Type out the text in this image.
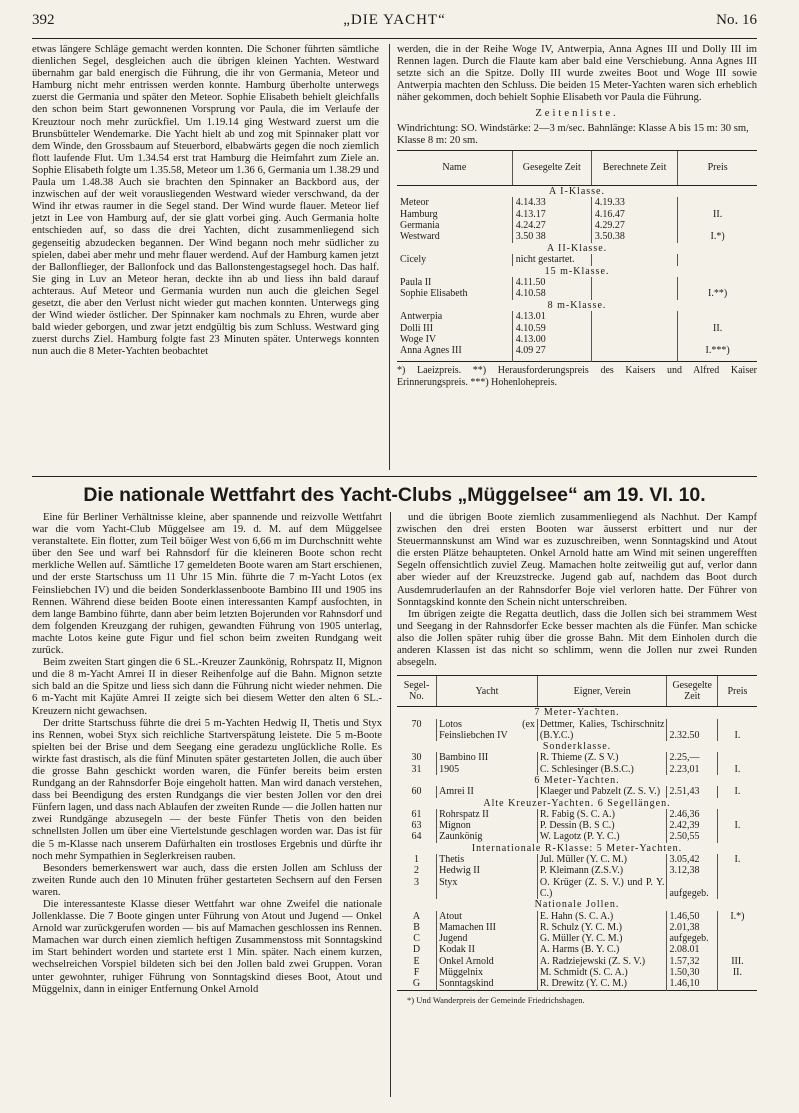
392	„DIE YACHT“	No. 16

etwas längere Schläge gemacht werden konnten. Die Schoner führten sämtliche dienlichen Segel, desgleichen auch die übrigen kleinen Yachten. Westward übernahm gar bald energisch die Führung, die ihr von Germania, Meteor und Hamburg nicht mehr entrissen werden konnte. Hamburg überholte unterwegs zuerst die Germania und später den Meteor. Sophie Elisabeth behielt gleichfalls den schon beim Start gewonnenen Vorsprung vor Paula, die im Verlaufe der Kreuztour noch mehr zurückfiel. Um 1.19.14 ging Westward zuerst um die Brunsbütteler Wendemarke. Die Yacht hielt ab und zog mit Spinnaker platt vor dem Winde, den Grossbaum auf Steuerbord, elbabwärts gegen die noch ziemlich flott laufende Flut. Um 1.34.54 erst trat Hamburg die Heimfahrt zum Ziele an. Sophie Elisabeth folgte um 1.35.58, Meteor um 1.36 6, Germania um 1.38.29 und Paula um 1.48.38 Auch sie brachten den Spinnaker an Backbord aus, der inzwischen auf der weit vorausliegenden Westward wieder verschwand, da der Wind ihr etwas raumer in die Segel stand. Der Wind wurde flauer. Meteor lief jetzt in Lee von Hamburg auf, der sie glatt vorbei ging. Auch Germania holte entschieden auf, so dass die drei Yachten, dicht zusammenliegend sich gegenseitig abzudecken begannen. Der Wind begann noch mehr südlicher zu spielen, dabei aber mehr und mehr flauer werdend. Auf der Hamburg kamen jetzt der Ballonflieger, der Ballonfock und das Ballonstengestagsegel hoch. Das half. Sie ging in Luv an Meteor heran, deckte ihn ab und liess ihn bald darauf achteraus. Auf Meteor und Germania wurden nun auch die gleichen Segel gesetzt, die aber den Verlust nicht wieder gut machen konnten. Unterwegs ging der Wind wieder östlicher. Der Spinnaker kam nochmals zu Ehren, wurde aber bald wieder geborgen, und zwar jetzt endgültig bis zum Schluss. Westward ging zuerst durchs Ziel. Hamburg folgte fast 23 Minuten später. Unterwegs konnten nun auch die 8 Meter-Yachten beobachtet

werden, die in der Reihe Woge IV, Antwerpia, Anna Agnes III und Dolly III im Rennen lagen. Durch die Flaute kam aber bald eine Verschiebung. Anna Agnes III setzte sich an die Spitze. Dolly III wurde zweites Boot und Woge III sowie Antwerpia machten den Schluss. Die beiden 15 Meter-Yachten waren sich erheblich näher gekommen, doch behielt Sophie Elisabeth vor Paula die Führung.

Zeitenliste.

Windrichtung: SO. Windstärke: 2—3 m/sec. Bahnlänge: Klasse A bis 15 m: 30 sm, Klasse 8 m: 20 sm.

Name	Gesegelte Zeit	Berechnete Zeit	Preis
A I-Klasse.			
Meteor	4.14.33	4.19.33	
Hamburg	4.13.17	4.16.47	II.
Germania	4.24.27	4.29.27	
Westward	3.50 38	3.50.38	I.*)
A II-Klasse.			
Cicely	nicht gestartet.		
15 m-Klasse.			
Paula II	4.11.50		
Sophie Elisabeth	4.10.58		I.**)
8 m-Klasse.			
Antwerpia	4.13.01		
Dolli III	4.10.59		II.
Woge IV	4.13.00		
Anna Agnes III	4.09 27		I.***)
*) Laeizpreis. **) Herausforderungspreis des Kaisers und Alfred Kaiser Erinnerungspreis. ***) Hohenlohepreis.
Die nationale Wettfahrt des Yacht-Clubs „Müggelsee“ am 19. VI. 10.

Eine für Berliner Verhältnisse kleine, aber spannende und reizvolle Wettfahrt war die vom Yacht-Club Müggelsee am 19. d. M. auf dem Müggelsee veranstaltete. Ein flotter, zum Teil böiger West von 6,66 m im Durchschnitt wehte über den See und warf bei Rahnsdorf für die kleineren Boote schon recht merkliche Wellen auf. Sämtliche 17 gemeldeten Boote waren am Start erschienen, und der erste Startschuss um 11 Uhr 15 Min. führte die 7 m-Yacht Lotos (ex Feinsliebchen IV) und die beiden Sonderklassenboote Bambino III und 1905 ins Rennen. Während diese beiden Boote einen interessanten Kampf ausfochten, in dem lange Bambino führte, dann aber beim letzten Bojerunden vor Rahnsdorf und dem folgenden Kreuzgang der ruhigen, gewandten Führung von 1905 unterlag, machte Lotos keine gute Figur und fiel schon beim zweiten Rundgang weit zurück.

Beim zweiten Start gingen die 6 SL.-Kreuzer Zaunkönig, Rohrspatz II, Mignon und die 8 m-Yacht Amrei II in dieser Reihenfolge auf die Bahn. Mignon setzte sich bald an die Spitze und liess sich dann die Führung nicht wieder nehmen. Die 6 m-Yacht mit Kajüte Amrei II zeigte sich bei diesem Wetter den alten 6 SL.-Kreuzern nicht gewachsen.

Der dritte Startschuss führte die drei 5 m-Yachten Hedwig II, Thetis und Styx ins Rennen, wobei Styx sich reichliche Startverspätung leistete. Die 5 m-Boote spielten bei der Brise und dem Seegang eine geradezu unglückliche Rolle. Es wirkte fast drastisch, als die fünf Minuten später gestarteten Jollen, die auch über die grosse Bahn geschickt worden waren, die Fünfer bereits beim ersten Rundgang an der Rahnsdorfer Boje eingeholt hatten. Man wird danach verstehen, dass bei Beendigung des ersten Rundgangs die vier besten Jollen vor den drei Fünfern lagen, und dass nach Ablaufen der zweiten Runde — die Jollen hatten nur zwei Rundgänge abzusegeln — der beste Fünfer Thetis von den beiden schnellsten Jollen um über eine Viertelstunde geschlagen worden war. Das ist für die 5 m-Klasse nach unserem Dafürhalten ein trostloses Ergebnis und dürfte ihr noch mehr Sympathien in Seglerkreisen rauben.

Besonders bemerkenswert war auch, dass die ersten Jollen am Schluss der zweiten Runde auch den 10 Minuten früher gestarteten Sechsern auf den Fersen waren.

Die interessanteste Klasse dieser Wettfahrt war ohne Zweifel die nationale Jollenklasse. Die 7 Boote gingen unter Führung von Atout und Jugend — Onkel Arnold war zurückgerufen worden — bis auf Mamachen geschlossen ins Rennen. Mamachen war durch einen ziemlich heftigen Zusammenstoss mit Sonntagskind im Start behindert worden und startete erst 1 Min. später. Nach einem kurzen, wechselreichen Vorspiel bildeten sich bei den Jollen bald zwei Gruppen. Voran unter gewohnter, ruhiger Führung von Sonntagskind dieses Boot, Atout und Müggelnix, dann in einiger Entfernung Onkel Arnold

und die übrigen Boote ziemlich zusammenliegend als Nachhut. Der Kampf zwischen den drei ersten Booten war äusserst erbittert und nur der Steuermannskunst am Wind war es zuzuschreiben, wenn Sonntagskind und Atout die ersten Plätze behaupteten. Onkel Arnold hatte am Wind mit seinen ungerefften Segeln offensichtlich zuviel Zeug. Mamachen holte zeitweilig gut auf, verlor dann aber wieder auf der Kreuzstrecke. Jugend gab auf, nachdem das Boot durch Ausdemruderlaufen an der Rahnsdorfer Boje viel verloren hatte. Der Führer von Sonntagskind konnte den Schein nicht unterschreiben.

Im übrigen zeigte die Regatta deutlich, dass die Jollen sich bei strammem West und Seegang in der Rahnsdorfer Ecke besser machten als die Fünfer. Man schicke also die Jollen später ruhig über die grosse Bahn. Mit dem Einholen durch die anderen Klassen ist das nicht so schlimm, wenn die Jollen nur zwei Runden absegeln.

Segel-No.	Yacht	Eigner, Verein	Gesegelte Zeit	Preis
7 Meter-Yachten.				
70	Lotos (ex Feinsliebchen IV	Dettmer, Kalies, Tschirschnitz (B.Y.C.)	2.32.50	I.
Sonderklasse.				
30	Bambino III	R. Thieme (Z. S V.)	2.25,—	
31	1905	C. Schlesinger (B.S.C.)	2.23,01	I.
6 Meter-Yachten.				
60	Amrei II	Klaeger und Pabzelt (Z. S. V.)	2.51,43	I.
Alte Kreuzer-Yachten. 6 Segellängen.				
61	Rohrspatz II	R. Fabig (S. C. A.)	2.46,36	
63	Mignon	P. Dessin (B. S C.)	2.42,39	I.
64	Zaunkönig	W. Lagotz (P. Y. C.)	2.50,55	
Internationale R-Klasse: 5 Meter-Yachten.				
1	Thetis	Jul. Müller (Y. C. M.)	3.05,42	I.
2	Hedwig II	P. Kleimann (Z.S.V.)	3.12,38	
3	Styx	O. Krüger (Z. S. V.) und P. Y. C.)	aufgegeb.	
Nationale Jollen.				
A	Atout	E. Hahn (S. C. A.)	1.46,50	I.*)
B	Mamachen III	R. Schulz (Y. C. M.)	2.01,38	
C	Jugend	G. Müller (Y. C. M.)	aufgegeb.	
D	Kodak II	A. Harms (B. Y. C.)	2.08.01	
E	Onkel Arnold	A. Radziejewski (Z. S. V.)	1.57,32	III.
F	Müggelnix	M. Schmidt (S. C. A.)	1.50,30	II.
G	Sonntagskind	R. Drewitz (Y. C. M.)	1.46,10	
*) Und Wanderpreis der Gemeinde Friedrichshagen.
